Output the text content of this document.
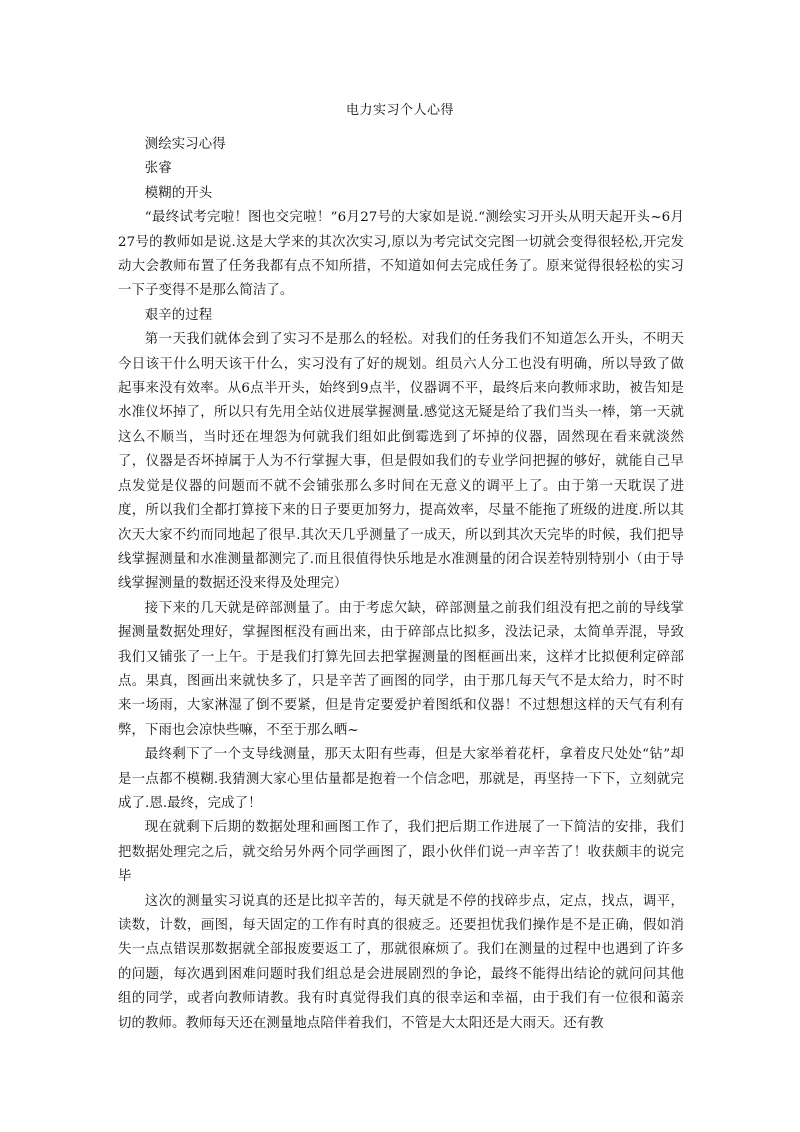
电力实习个人心得

测绘实习心得

张睿

模糊的开头

“最终试考完啦！图也交完啦！”6月27号的大家如是说.“测绘实习开头从明天起开头~6月27号的教师如是说.这是大学来的其次次实习,原以为考完试交完图一切就会变得很轻松,开完发动大会教师布置了任务我都有点不知所措，不知道如何去完成任务了。原来觉得很轻松的实习一下子变得不是那么简洁了。

艰辛的过程

第一天我们就体会到了实习不是那么的轻松。对我们的任务我们不知道怎么开头，不明天今日该干什么明天该干什么，实习没有了好的规划。组员六人分工也没有明确，所以导致了做起事来没有效率。从6点半开头，始终到9点半，仪器调不平，最终后来向教师求助，被告知是水准仪坏掉了，所以只有先用全站仪进展掌握测量.感觉这无疑是给了我们当头一棒，第一天就这么不顺当，当时还在埋怨为何就我们组如此倒霉选到了坏掉的仪器，固然现在看来就淡然了，仪器是否坏掉属于人为不行掌握大事，但是假如我们的专业学问把握的够好，就能自己早点发觉是仪器的问题而不就不会铺张那么多时间在无意义的调平上了。由于第一天耽误了进度，所以我们全都打算接下来的日子要更加努力，提高效率，尽量不能拖了班级的进度.所以其次天大家不约而同地起了很早.其次天几乎测量了一成天，所以到其次天完毕的时候，我们把导线掌握测量和水准测量都测完了.而且很值得快乐地是水准测量的闭合误差特别特别小（由于导线掌握测量的数据还没来得及处理完）

接下来的几天就是碎部测量了。由于考虑欠缺，碎部测量之前我们组没有把之前的导线掌握测量数据处理好，掌握图框没有画出来，由于碎部点比拟多，没法记录，太简单弄混，导致我们又铺张了一上午。于是我们打算先回去把掌握测量的图框画出来，这样才比拟便利定碎部点。果真，图画出来就快多了，只是辛苦了画图的同学，由于那几每天气不是太给力，时不时来一场雨，大家淋湿了倒不要紧，但是肯定要爱护着图纸和仪器！不过想想这样的天气有利有弊，下雨也会凉快些嘛，不至于那么晒~

最终剩下了一个支导线测量，那天太阳有些毒，但是大家举着花杆，拿着皮尺处处“钻”却是一点都不模糊.我猜测大家心里估量都是抱着一个信念吧，那就是，再坚持一下下，立刻就完成了.恩.最终，完成了！

现在就剩下后期的数据处理和画图工作了，我们把后期工作进展了一下简洁的安排，我们把数据处理完之后，就交给另外两个同学画图了，跟小伙伴们说一声辛苦了！收获颇丰的说完毕

这次的测量实习说真的还是比拟辛苦的，每天就是不停的找碎步点，定点，找点，调平，读数，计数，画图，每天固定的工作有时真的很疲乏。还要担忧我们操作是不是正确，假如消失一点点错误那数据就全部报废要返工了，那就很麻烦了。我们在测量的过程中也遇到了许多的问题，每次遇到困难问题时我们组总是会进展剧烈的争论，最终不能得出结论的就问问其他组的同学，或者向教师请教。我有时真觉得我们真的很幸运和幸福，由于我们有一位很和蔼亲切的教师。教师每天还在测量地点陪伴着我们，不管是大太阳还是大雨天。还有教
